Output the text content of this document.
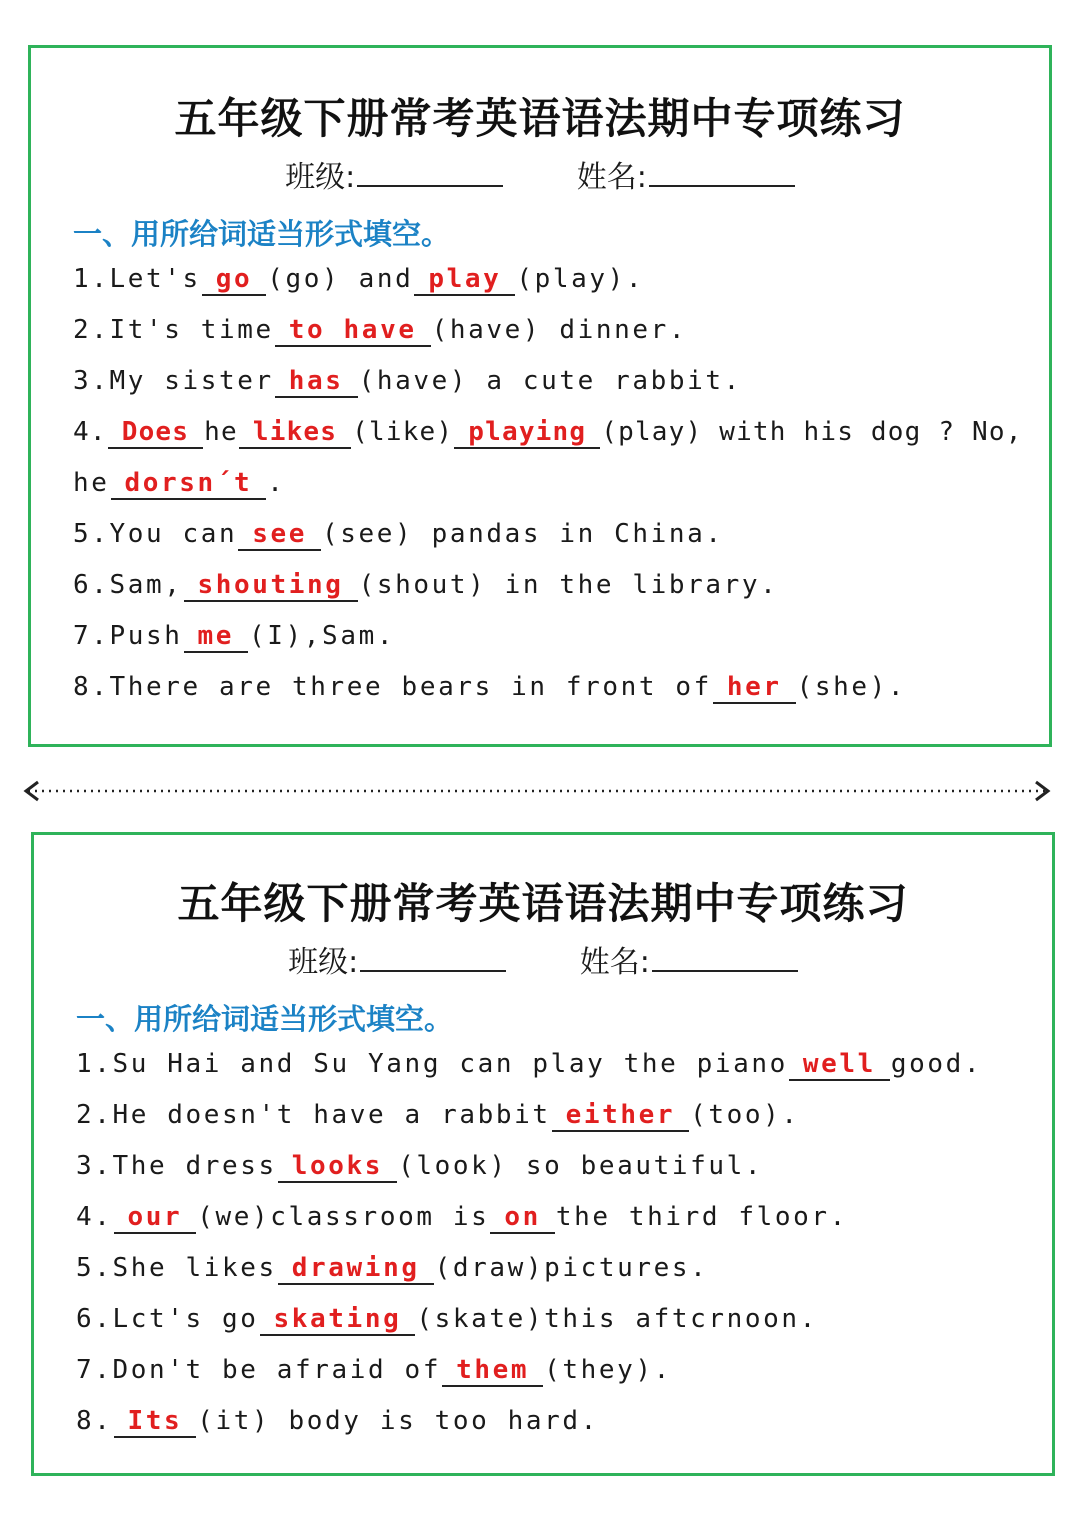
五年级下册常考英语语法期中专项练习
班级:	姓名:
一、用所给词适当形式填空。
1.Let's go (go) and play (play).
2.It's time to have (have) dinner.
3.My sister has (have) a cute rabbit.
4. Does he likes (like) playing (play) with his dog ? No,
he dorsn´t .
5.You can see (see) pandas in China.
6.Sam, shouting (shout) in the library.
7.Push me (I),Sam.
8.There are three bears in front of her (she).
五年级下册常考英语语法期中专项练习
班级:	姓名:
一、用所给词适当形式填空。
1.Su Hai and Su Yang can play the piano well good.
2.He doesn't have a rabbit either (too).
3.The dress looks (look) so beautiful.
4. our (we)classroom is on the third floor.
5.She likes drawing (draw)pictures.
6.Lct's go skating (skate)this aftcrnoon.
7.Don't be afraid of them (they).
8. Its (it) body is too hard.
